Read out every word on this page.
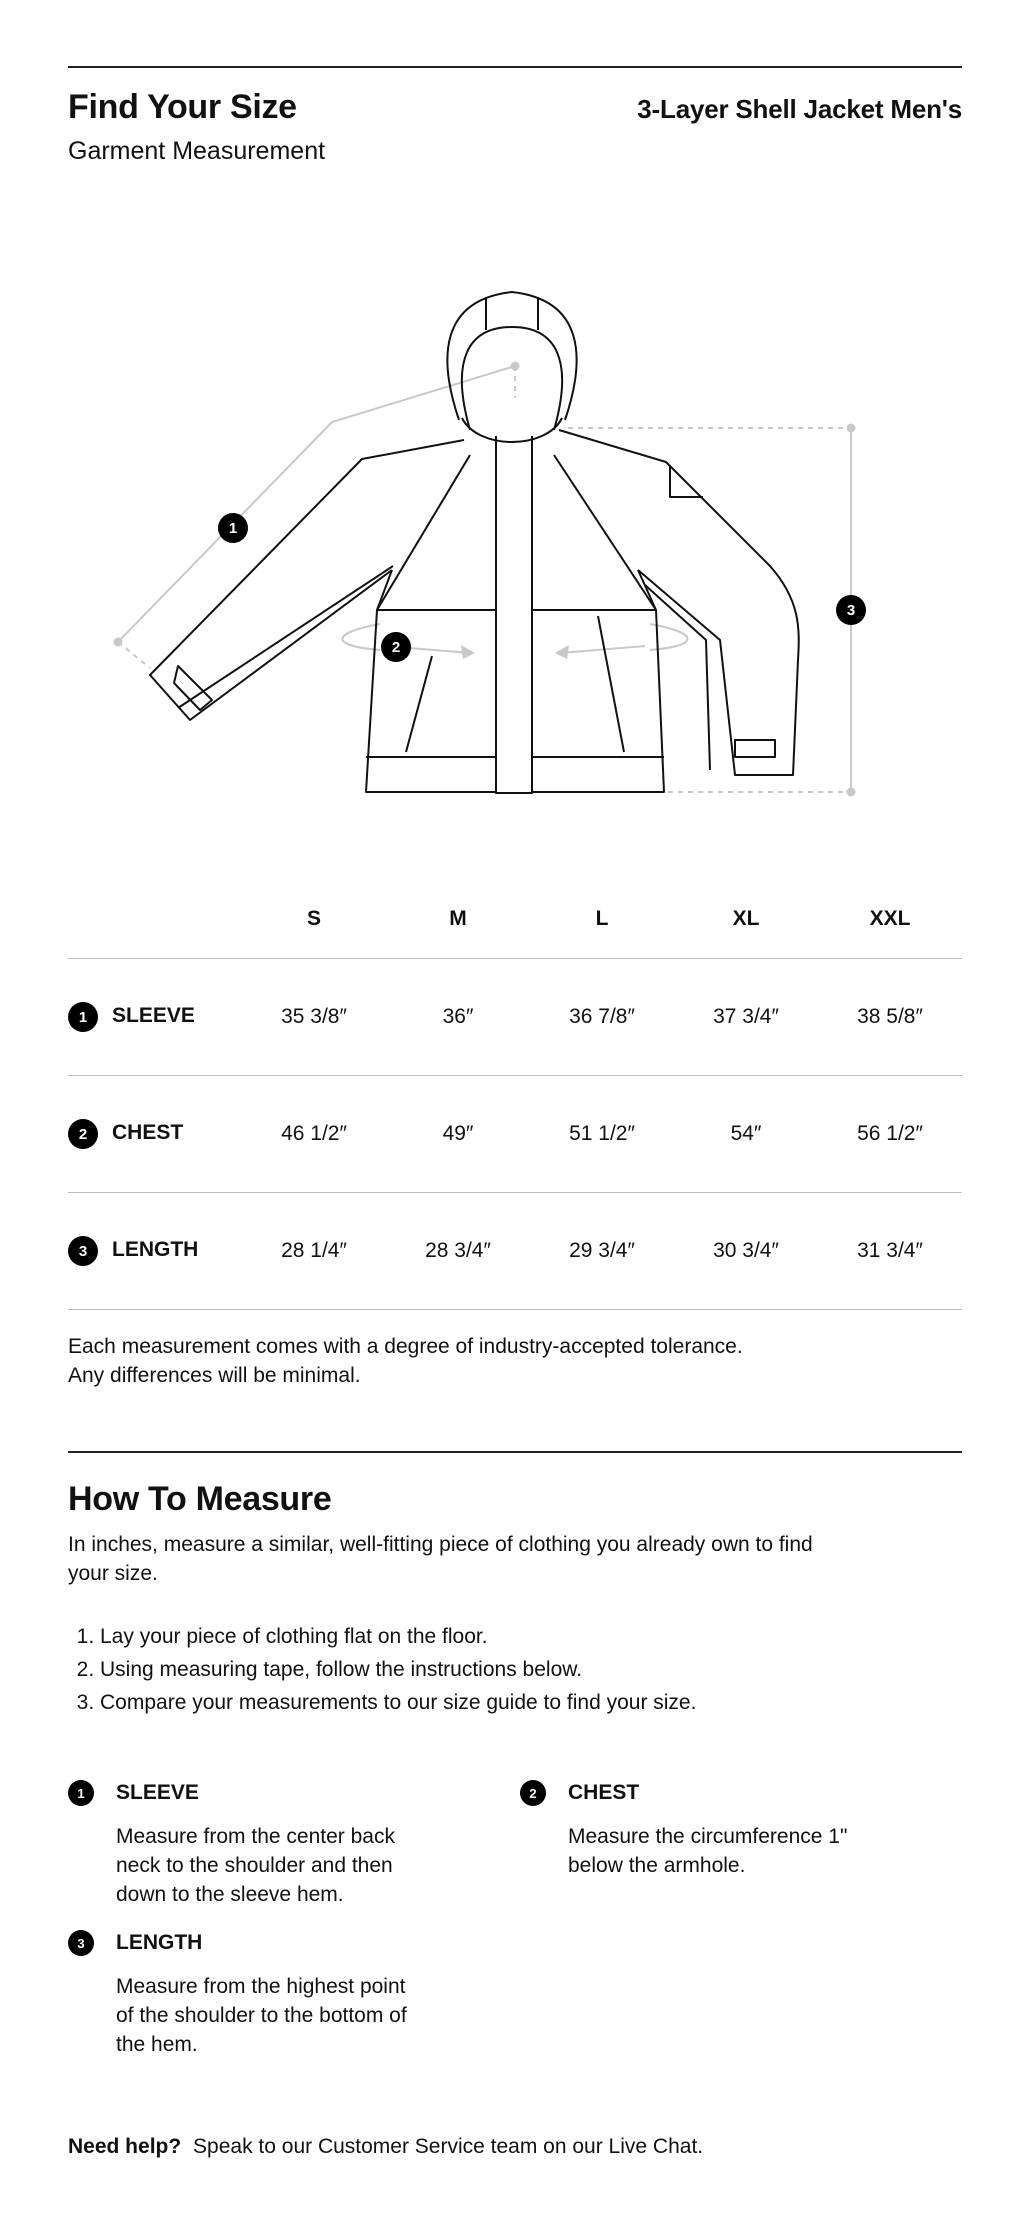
Find Your Size
Garment Measurement
3-Layer Shell Jacket Men's
1
2
3
	S	M	L	XL	XXL
1 SLEEVE	35 3/8″	36″	36 7/8″	37 3/4″	38 5/8″
2 CHEST	46 1/2″	49″	51 1/2″	54″	56 1/2″
3 LENGTH	28 1/4″	28 3/4″	29 3/4″	30 3/4″	31 3/4″
Each measurement comes with a degree of industry-accepted tolerance.
Any differences will be minimal.
How To Measure
In inches, measure a similar, well-fitting piece of clothing you already own to find your size.
1. Lay your piece of clothing flat on the floor.
2. Using measuring tape, follow the instructions below.
3. Compare your measurements to our size guide to find your size.
1	SLEEVE
Measure from the center back neck to the shoulder and then down to the sleeve hem.
2	CHEST
Measure the circumference 1" below the armhole.
3	LENGTH
Measure from the highest point of the shoulder to the bottom of the hem.
Need help? Speak to our Customer Service team on our Live Chat.
